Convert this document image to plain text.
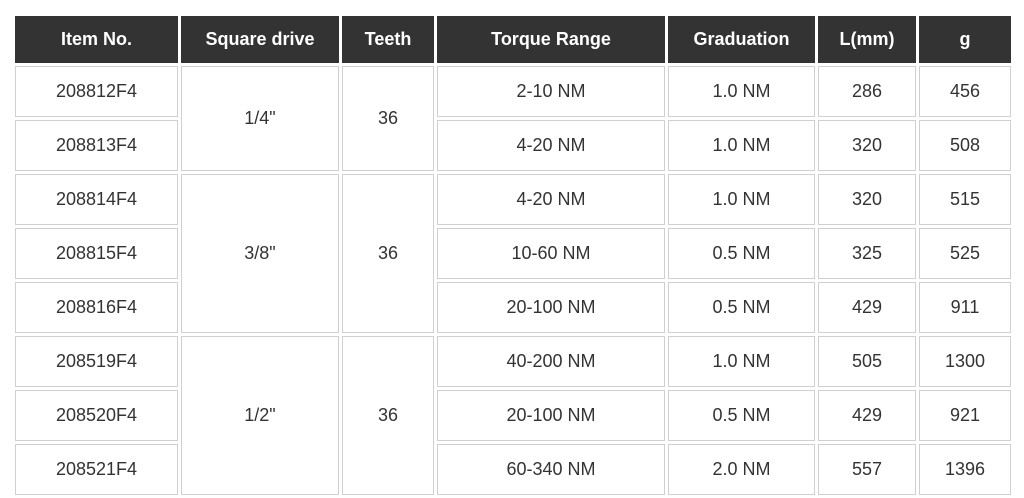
Item No.	Square drive	Teeth	Torque Range	Graduation	L(mm)	g
208812F4	1/4"	36	2-10 NM	1.0 NM	286	456
208813F4			4-20 NM	1.0 NM	320	508
208814F4	3/8"	36	4-20 NM	1.0 NM	320	515
208815F4			10-60 NM	0.5 NM	325	525
208816F4			20-100 NM	0.5 NM	429	911
208519F4	1/2"	36	40-200 NM	1.0 NM	505	1300
208520F4			20-100 NM	0.5 NM	429	921
208521F4			60-340 NM	2.0 NM	557	1396
